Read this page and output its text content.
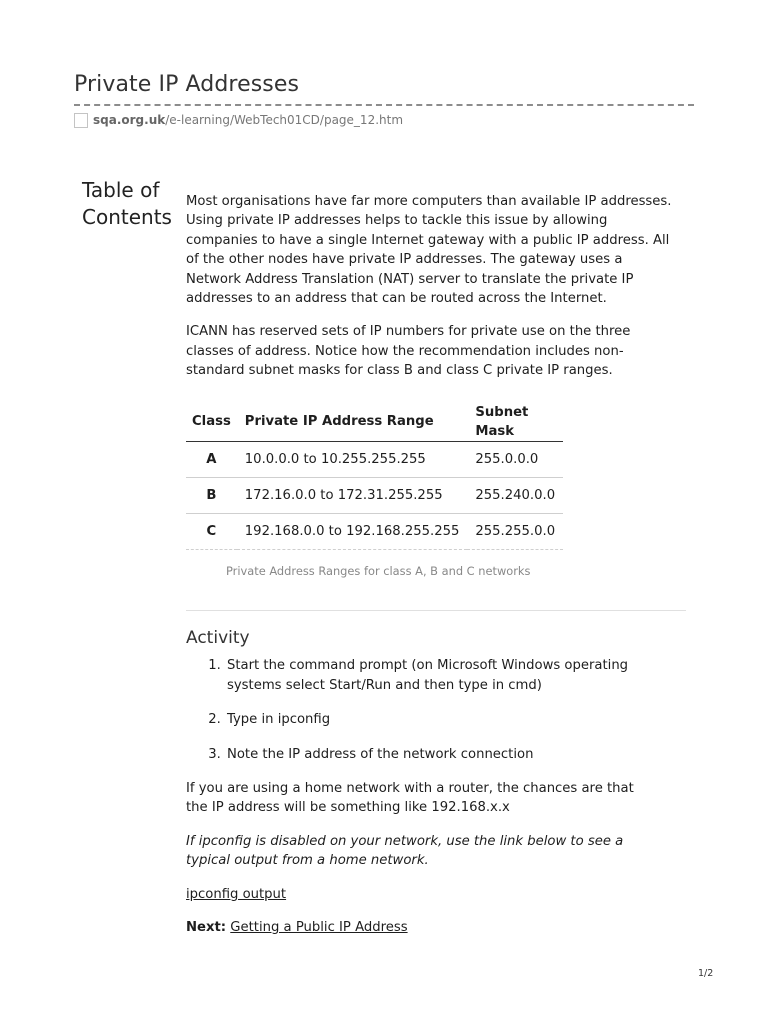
Private IP Addresses
sqa.org.uk /e-learning/WebTech01CD/page_12.htm
Table of
Contents

Most organisations have far more computers than available IP addresses. Using private IP addresses helps to tackle this issue by allowing companies to have a single Internet gateway with a public IP address. All of the other nodes have private IP addresses. The gateway uses a Network Address Translation (NAT) server to translate the private IP addresses to an address that can be routed across the Internet.

ICANN has reserved sets of IP numbers for private use on the three classes of address. Notice how the recommendation includes non-standard subnet masks for class B and class C private IP ranges.

Class	Private IP Address Range	Subnet Mask
A	10.0.0.0 to 10.255.255.255	255.0.0.0
B	172.16.0.0 to 172.31.255.255	255.240.0.0
C	192.168.0.0 to 192.168.255.255	255.255.0.0
Private Address Ranges for class A, B and C networks
Activity
1. Start the command prompt (on Microsoft Windows operating systems select Start/Run and then type in cmd)
2. Type in ipconfig
3. Note the IP address of the network connection

If you are using a home network with a router, the chances are that the IP address will be something like 192.168.x.x

If ipconfig is disabled on your network, use the link below to see a typical output from a home network.

ipconfig output

Next: Getting a Public IP Address

1/2
